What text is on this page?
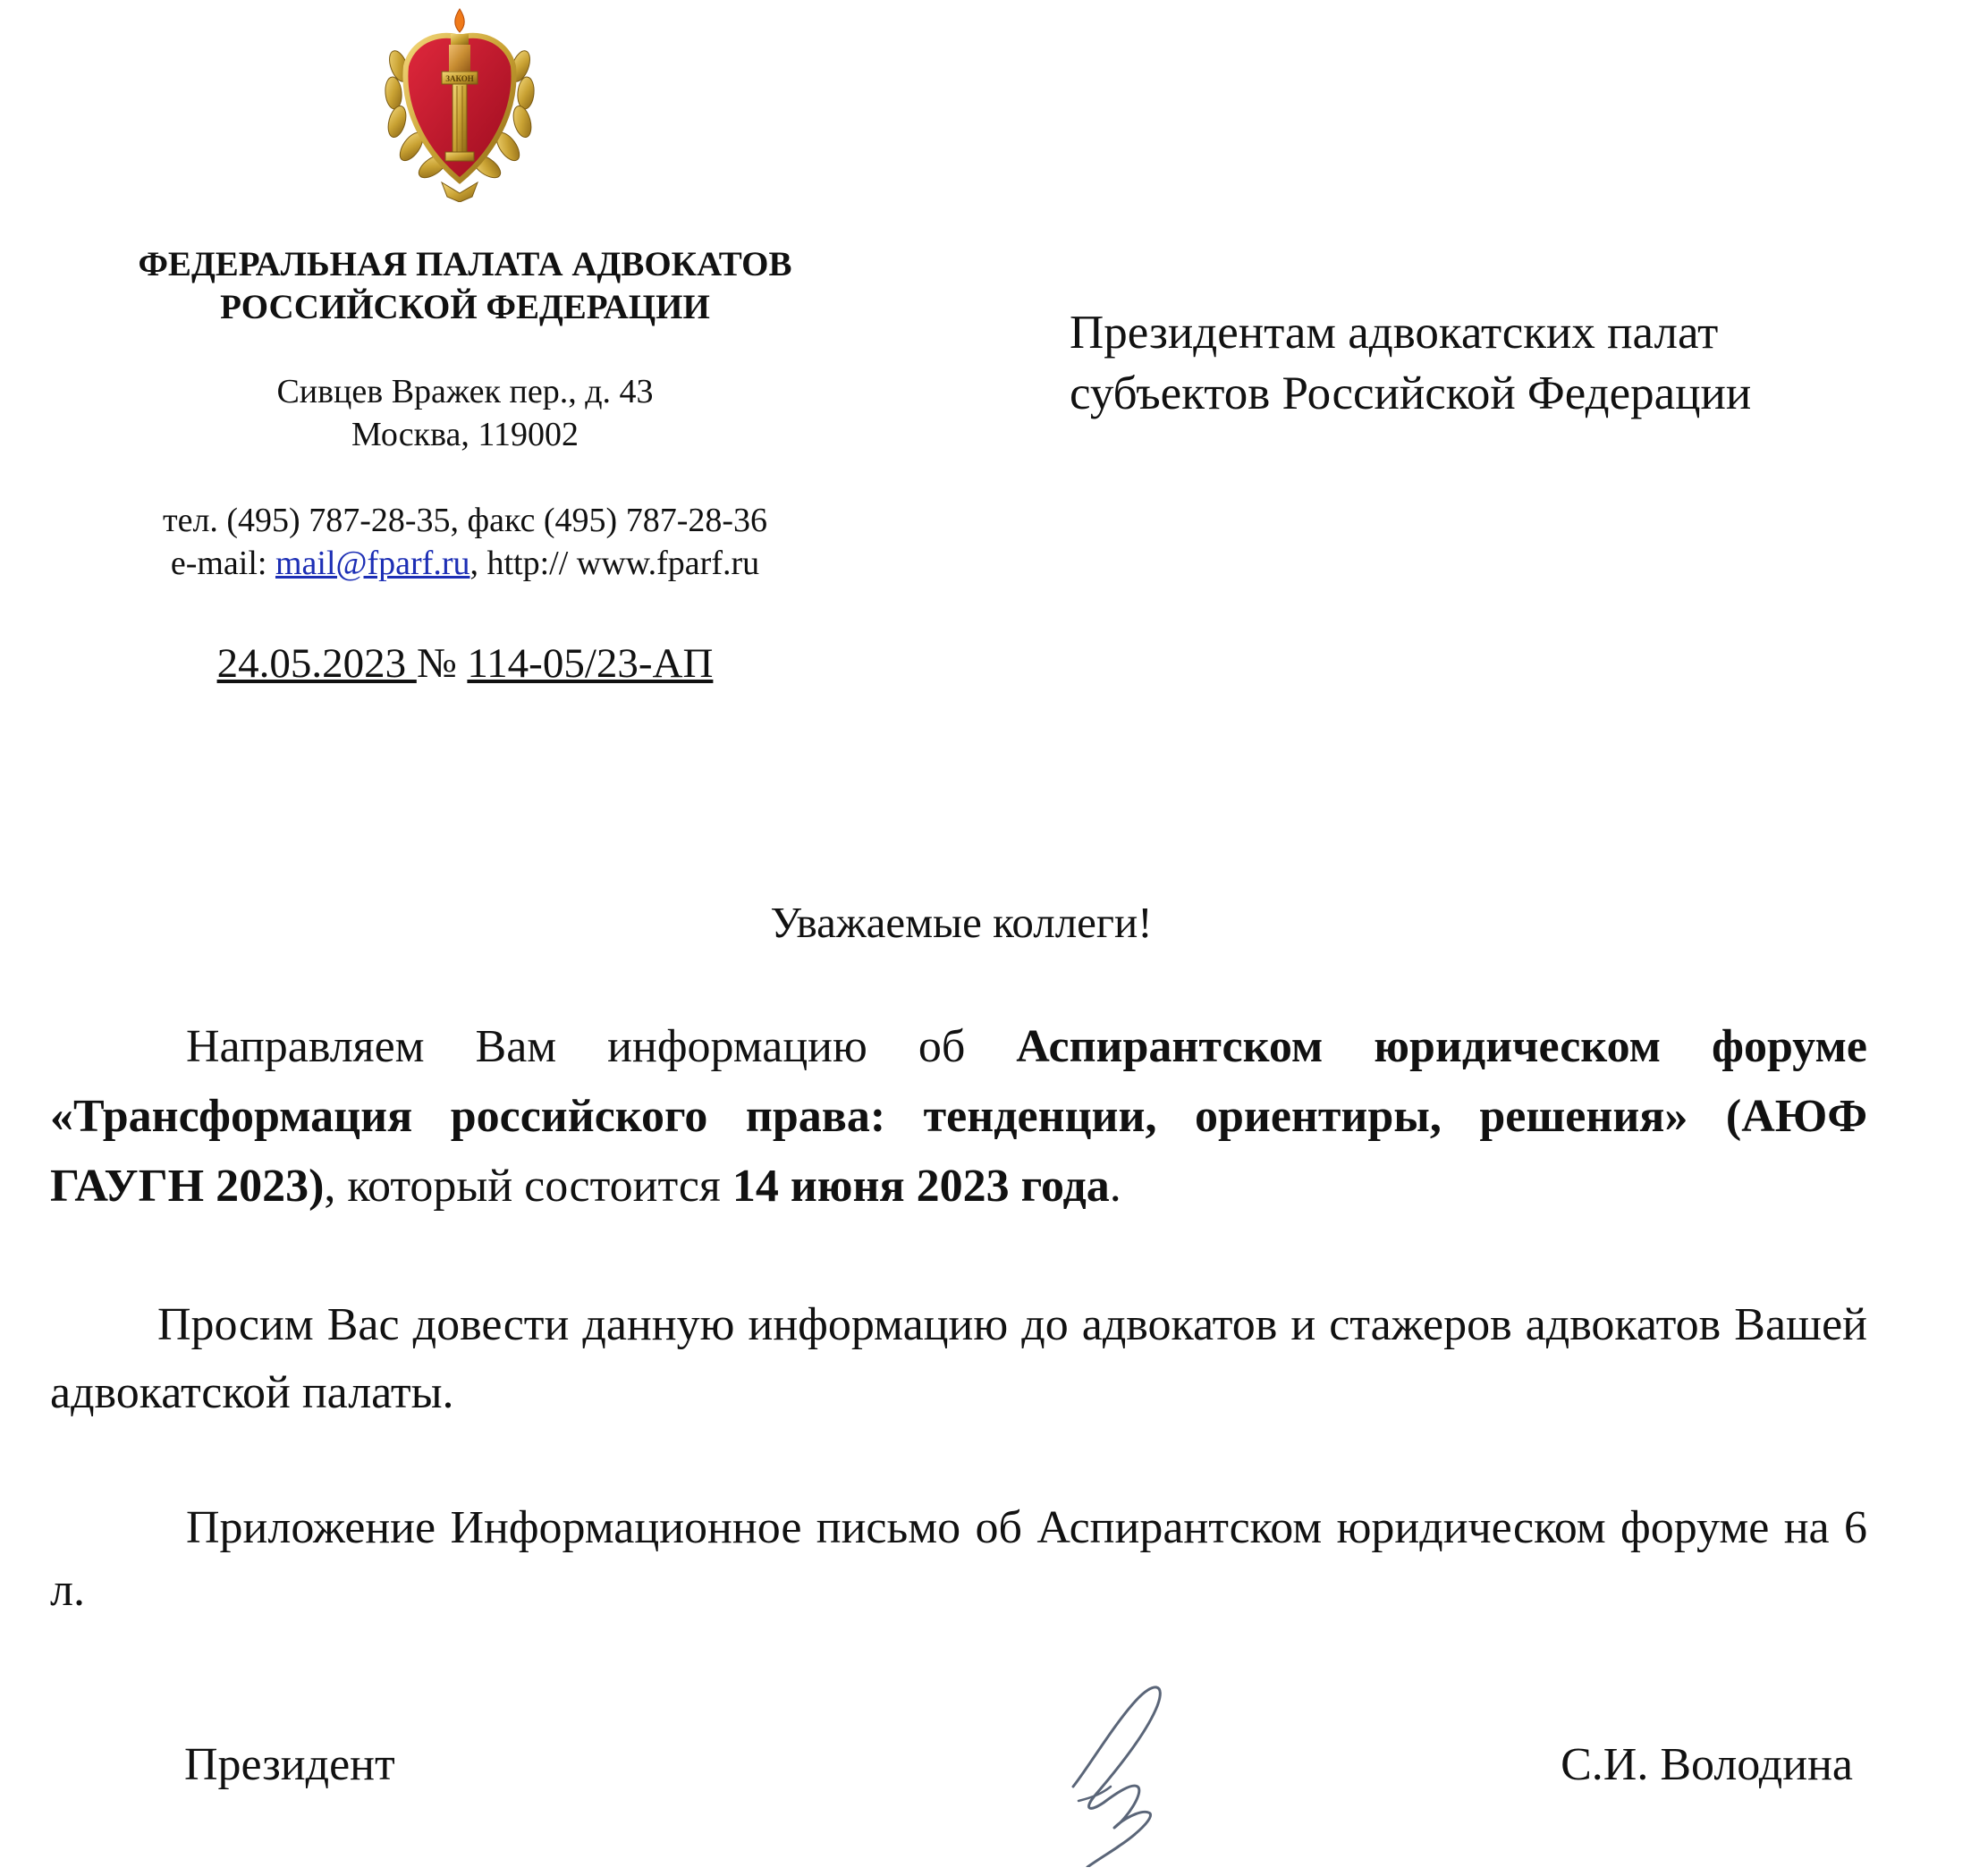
ЗАКОН
ФЕДЕРАЛЬНАЯ ПАЛАТА АДВОКАТОВ
РОССИЙСКОЙ ФЕДЕРАЦИИ
Сивцев Вражек пер., д. 43
Москва, 119002
тел. (495) 787-28-35, факс (495) 787-28-36
e-mail: mail@fparf.ru, http:// www.fparf.ru
24.05.2023 № 114-05/23-АП
Президентам адвокатских палат
субъектов Российской Федерации
Уважаемые коллеги!
Направляем Вам информацию об Аспирантском юридическом форуме «Трансформация российского права: тенденции, ориентиры, решения» (АЮФ ГАУГН 2023), который состоится 14 июня 2023 года.
Просим Вас довести данную информацию до адвокатов и стажеров адвокатов Вашей адвокатской палаты.
Приложение Информационное письмо об Аспирантском юридическом форуме на 6 л.
Президент	С.И. Володина
